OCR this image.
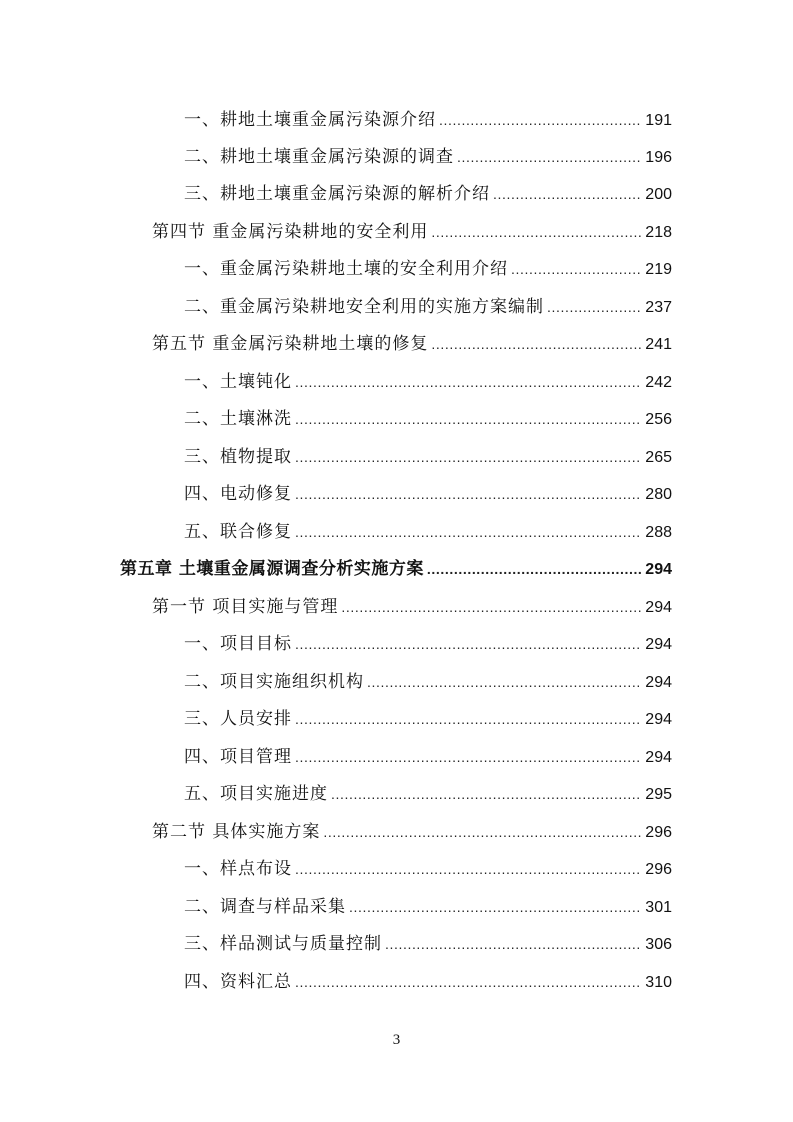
一、耕地土壤重金属污染源介绍 .....	191
二、耕地土壤重金属污染源的调查 .....	196
三、耕地土壤重金属污染源的解析介绍 .....	200
第四节 重金属污染耕地的安全利用 .....	218
一、重金属污染耕地土壤的安全利用介绍 .....	219
二、重金属污染耕地安全利用的实施方案编制 .....	237
第五节 重金属污染耕地土壤的修复 .....	241
一、土壤钝化 .....	242
二、土壤淋洗 .....	256
三、植物提取 .....	265
四、电动修复 .....	280
五、联合修复 .....	288
第五章 土壤重金属源调查分析实施方案 .....	294
第一节 项目实施与管理 .....	294
一、项目目标 .....	294
二、项目实施组织机构 .....	294
三、人员安排 .....	294
四、项目管理 .....	294
五、项目实施进度 .....	295
第二节 具体实施方案 .....	296
一、样点布设 .....	296
二、调查与样品采集 .....	301
三、样品测试与质量控制 .....	306
四、资料汇总 .....	310
3
